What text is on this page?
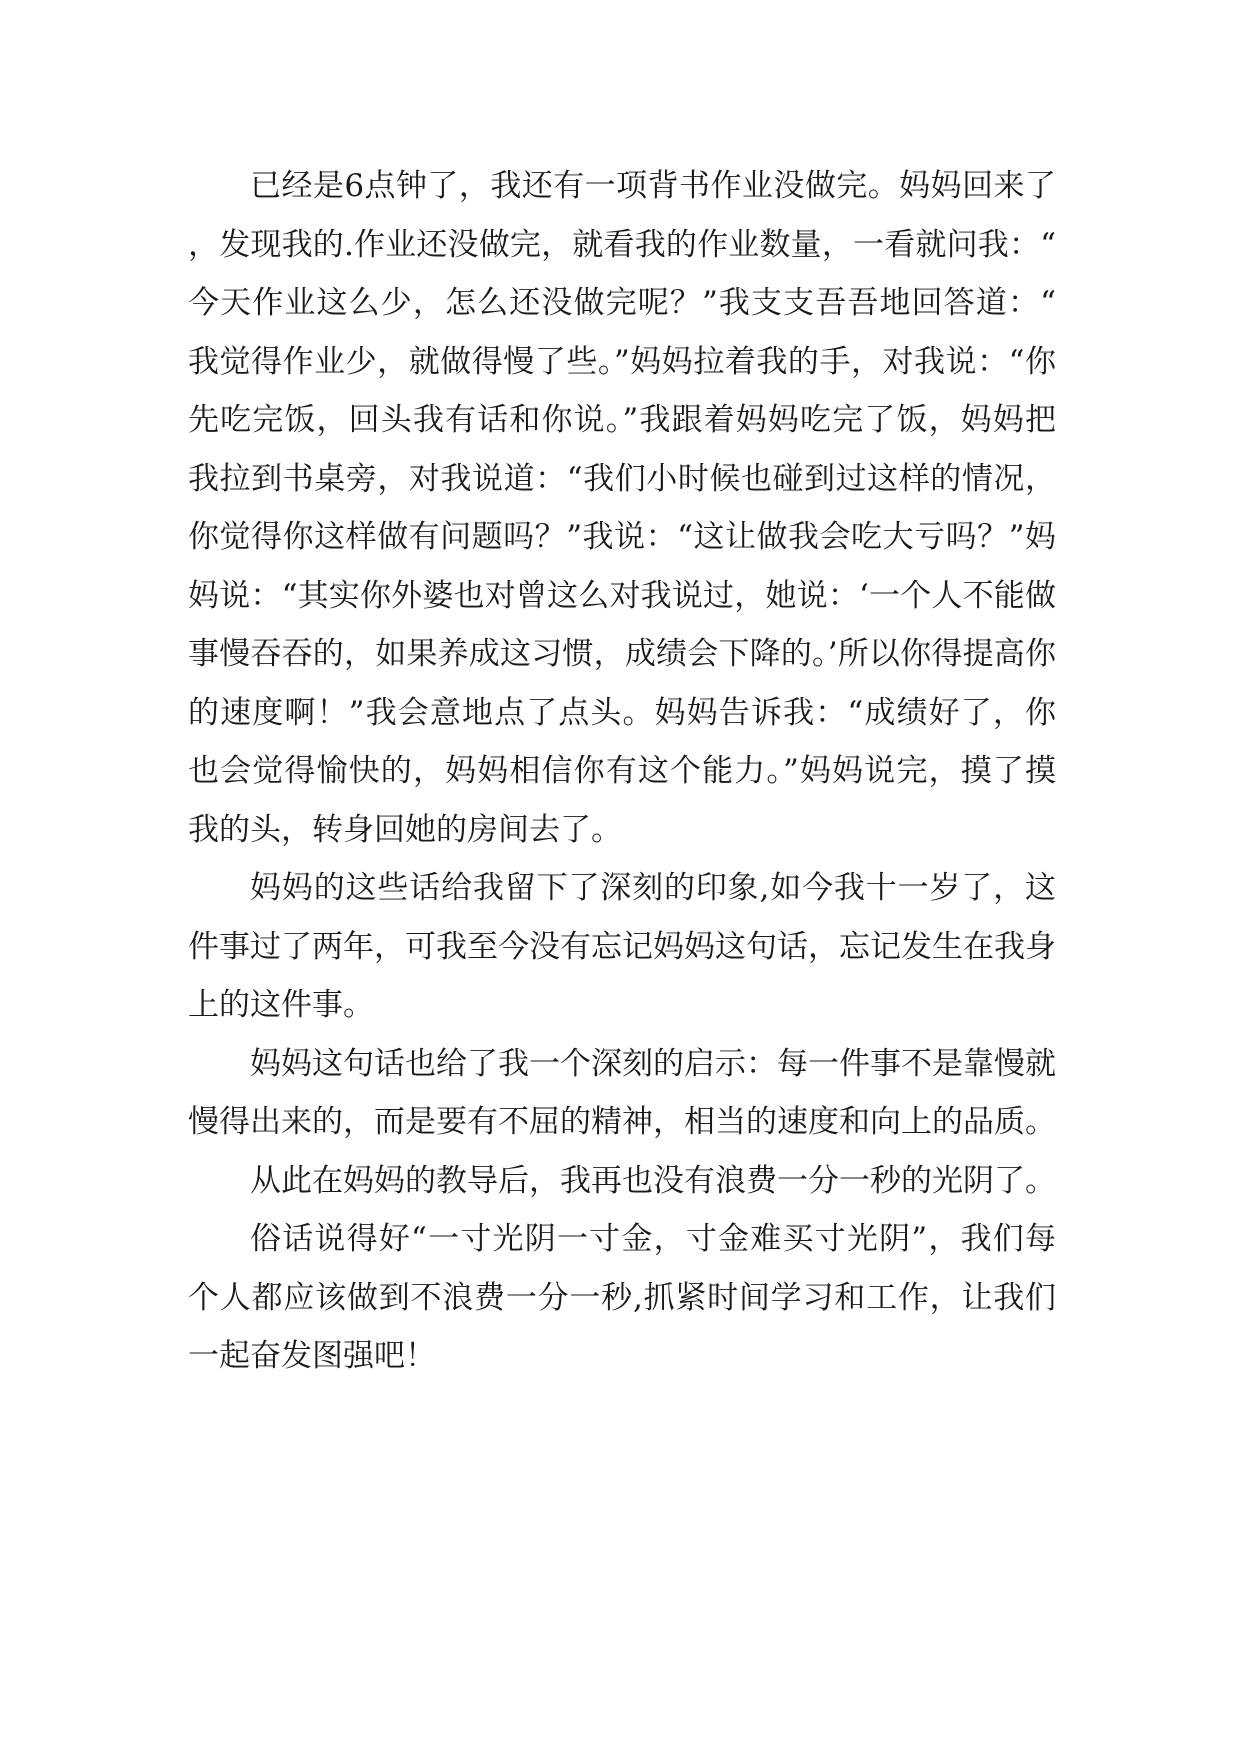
已经是6点钟了，我还有一项背书作业没做完。妈妈回来了，发现我的.作业还没做完，就看我的作业数量，一看就问我：“今天作业这么少，怎么还没做完呢？”我支支吾吾地回答道：“我觉得作业少，就做得慢了些。”妈妈拉着我的手，对我说：“你先吃完饭，回头我有话和你说。”我跟着妈妈吃完了饭，妈妈把我拉到书桌旁，对我说道：“我们小时候也碰到过这样的情况，你觉得你这样做有问题吗？”我说：“这让做我会吃大亏吗？”妈妈说：“其实你外婆也对曾这么对我说过，她说：‘一个人不能做事慢吞吞的，如果养成这习惯，成绩会下降的。’所以你得提高你的速度啊！”我会意地点了点头。妈妈告诉我：“成绩好了，你也会觉得愉快的，妈妈相信你有这个能力。”妈妈说完，摸了摸我的头，转身回她的房间去了。

妈妈的这些话给我留下了深刻的印象,如今我十一岁了，这件事过了两年，可我至今没有忘记妈妈这句话，忘记发生在我身上的这件事。

妈妈这句话也给了我一个深刻的启示：每一件事不是靠慢就慢得出来的，而是要有不屈的精神，相当的速度和向上的品质。

从此在妈妈的教导后，我再也没有浪费一分一秒的光阴了。

俗话说得好“一寸光阴一寸金，寸金难买寸光阴”，我们每个人都应该做到不浪费一分一秒,抓紧时间学习和工作，让我们一起奋发图强吧！
